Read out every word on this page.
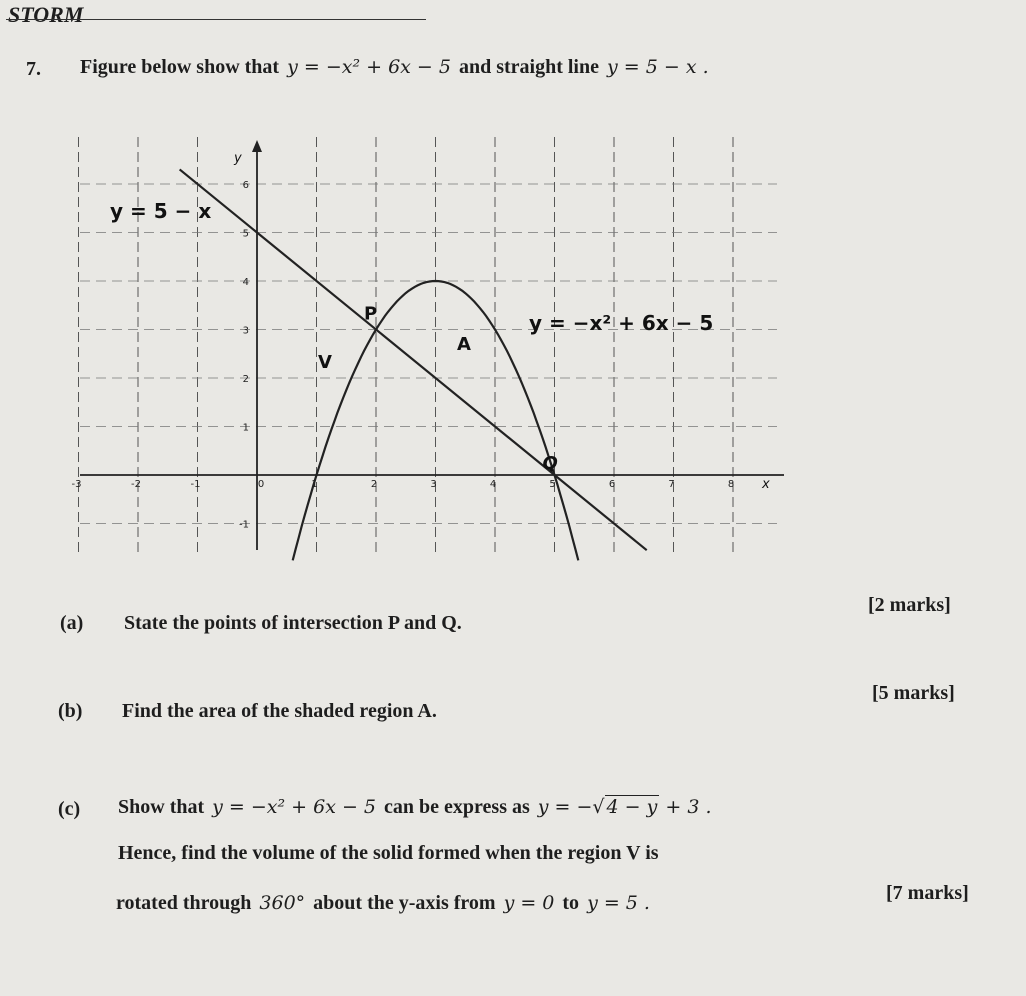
STORM
7. Figure below show that y = −x² + 6x − 5 and straight line y = 5 − x .
-3	-2	-1	0	1	2	3	4	5	6	7	8
-1
1
2
3
4
5
6
y = 5 − x
y = −x² + 6x − 5
P
Q
A
V
x
y
(a) State the points of intersection P and Q.
[2 marks]
(b) Find the area of the shaded region A.
[5 marks]
(c) Show that y = −x² + 6x − 5 can be express as y = −√ 4 − y + 3 .
Hence, find the volume of the solid formed when the region V is
rotated through 360° about the y-axis from y = 0 to y = 5 .	[7 marks]
